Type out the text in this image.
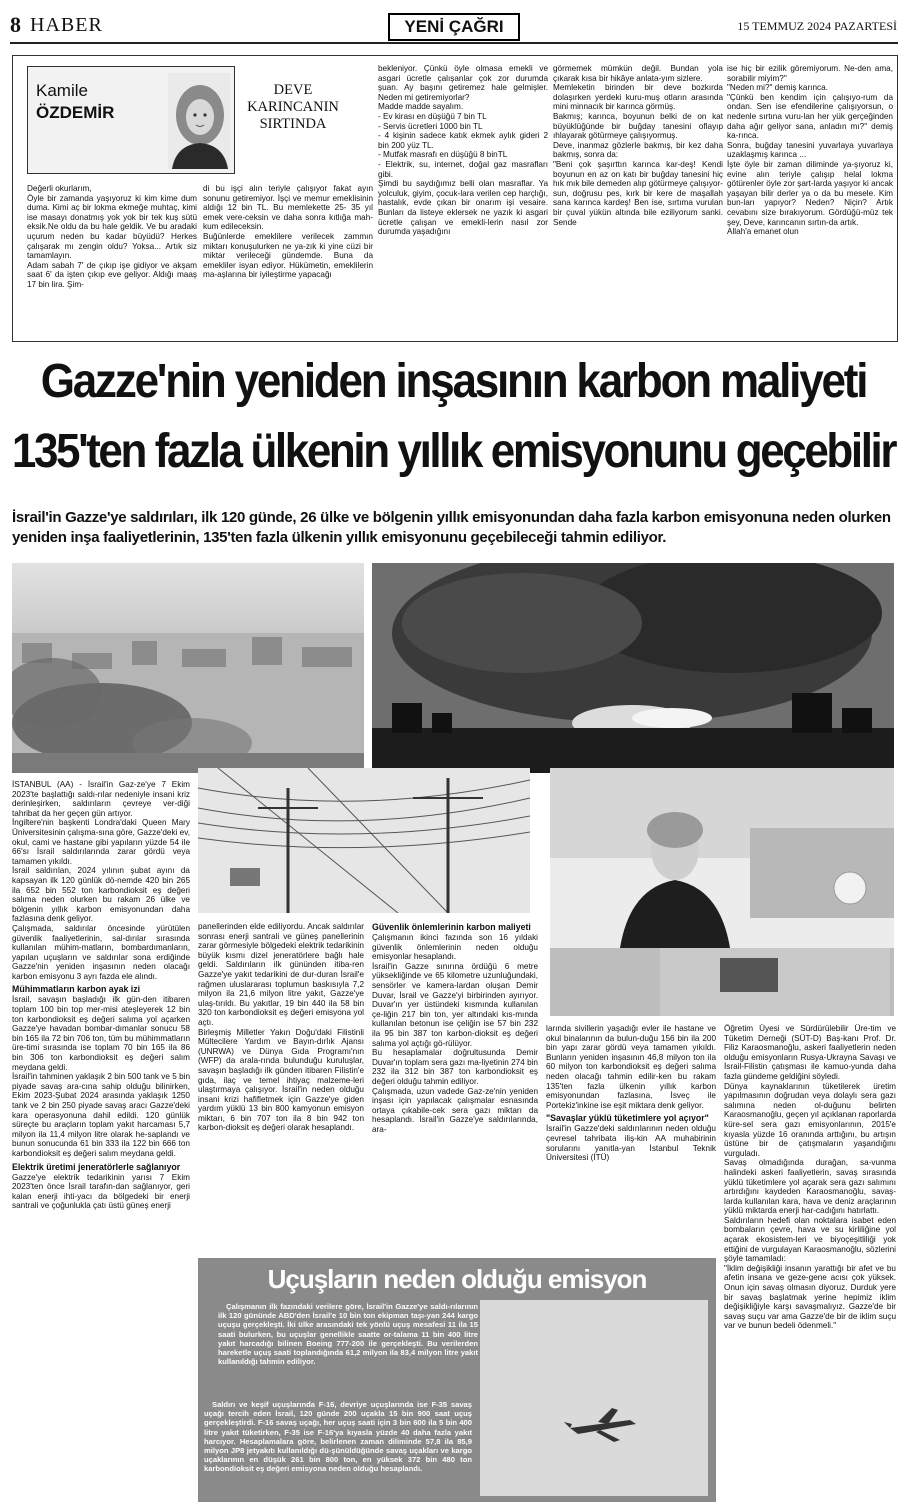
8 HABER	YENİ ÇAĞRI	15 TEMMUZ 2024 PAZARTESİ
Kamile
ÖZDEMİR
DEVE KARINCANIN SIRTINDA
Değerli okurlarım,
Öyle bir zamanda yaşıyoruz ki kim kime dum duma. Kimi aç bir lokma ekmeğe muhtaç, kimi ise masayı donatmış yok yok bir tek kuş sütü eksik.Ne oldu da bu hale geldik. Ve bu aradaki uçurum neden bu kadar büyüdü? Herkes çalışarak mı zengin oldu? Yoksa... Artık siz tamamlayın.
Adam sabah 7' de çıkıp işe gidiyor ve akşam saat 6' da işten çıkıp eve geliyor. Aldığı maaş 17 bin lira. Şim-
di bu işçi alın teriyle çalışıyor fakat ayın sonunu getiremiyor. İşçi ve memur emeklisinin aldığı 12 bin TL. Bu memlekette 25- 35 yıl emek vere-ceksin ve daha sonra kıtlığa mah-kum edileceksin.
Buğünlerde emeklilere verilecek zammın miktarı konuşulurken ne ya-zık ki yine cüzi bir miktar verileceği gündemde. Buna da emekliler isyan ediyor. Hükümetin, emeklilerin ma-aşlarına bir iyileştirme yapacağı
bekleniyor. Çünkü öyle olmasa emekli ve asgari ücretle çalışanlar çok zor durumda şuan. Ay başını getiremez hale gelmişler. Neden mi getiremiyorlar?
Madde madde sayalım.
- Ev kirası en düşüğü 7 bin TL
- Servis ücretleri 1000 bin TL
- 4 kişinin sadece katık ekmek aylık gideri 2 bin 200 yüz TL.
- Mutfak masrafı en düşüğü 8 binTL
- Elektrik, su, internet, doğal gaz masrafları gibi.
Şimdi bu saydığımız belli olan masraflar. Ya yolculuk, giyim, çocuk-lara verilen cep harçlığı, hastalık, evde çıkan bir onarım işi vesaire. Bunları da listeye eklersek ne yazık ki asgari ücretle çalışan ve emekli-lerin nasıl zor durumda yaşadığını
görmemek mümkün değil. Bundan yola çıkarak kısa bir hikâye anlata-yım sizlere.
Memleketin birinden bir deve bozkırda dolaşırken yerdeki kuru-muş otların arasında mini minnacık bir karınca görmüş.
Bakmış; karınca, boyunun belki de on kat büyüklüğünde bir buğday tanesini oflayıp ıhlayarak götürmeye çalışıyormuş.
Deve, inanmaz gözlerle bakmış, bir kez daha bakmış, sonra da:
"Beni çok şaşırttın karınca kar-deş! Kendi boyunun en az on katı bir buğday tanesini hiç hık mık bile demeden alıp götürmeye çalışıyor-sun, doğrusu pes, kırk bir kere de maşallah sana karınca kardeş! Ben ise, sırtıma vurulan bir çuval yükün altında bile eziliyorum sanki. Sende
ise hiç bir ezilik göremiyorum. Ne-den ama, sorabilir miyim?"
"Neden mi?" demiş karınca.
"Çünkü ben kendim için çalışıyo-rum da ondan. Sen ise efendilerine çalışıyorsun, o nedenle sırtına vuru-lan her yük gerçeğinden daha ağır geliyor sana, anladın mı?" demiş ka-rınca.
Sonra, buğday tanesini yuvarlaya yuvarlaya uzaklaşmış karınca ...
İşte öyle bir zaman diliminde ya-şıyoruz ki, evine alın teriyle çalışıp helal lokma götürenler öyle zor şart-larda yaşıyor ki ancak yaşayan bilir derler ya o da bu mesele. Kim bun-ları yapıyor? Neden? Niçin? Artık cevabını size bırakıyorum. Gördüğü-müz tek şey, Deve, karıncanın sırtın-da artık.
Allah'a emanet olun
Gazze'nin yeniden inşasının karbon maliyeti
135'ten fazla ülkenin yıllık emisyonunu geçebilir
İsrail'in Gazze'ye saldırıları, ilk 120 günde, 26 ülke ve bölgenin yıllık emisyonundan daha fazla karbon emisyonuna neden olurken yeniden inşa faaliyetlerinin, 135'ten fazla ülkenin yıllık emisyonunu geçebileceği tahmin ediliyor.
İSTANBUL (AA) - İsrail'in Gaz-ze'ye 7 Ekim 2023'te başlattığı saldı-rılar nedeniyle insani kriz derinleşirken, saldırıların çevreye ver-diği tahribat da her geçen gün artıyor.
İngiltere'nin başkenti Londra'daki Queen Mary Üniversitesinin çalışma-sına göre, Gazze'deki ev, okul, cami ve hastane gibi yapıların yüzde 54 ile 66'sı İsrail saldırılarında zarar gördü veya tamamen yıkıldı.
İsrail saldırılan, 2024 yılının şubat ayını da kapsayan ilk 120 günlük dö-nemde 420 bin 265 ila 652 bin 552 ton karbondioksit eş değeri salıma neden olurken bu rakam 26 ülke ve bölgenin yıllık karbon emisyonundan daha fazlasına denk geliyor.
Çalışmada, saldırılar öncesinde yürütülen güvenlik faaliyetlerinin, sal-dırılar sırasında kullanılan mühim-matların, bombardımanların, yapılan uçuşların ve saldırılar sona erdiğinde Gazze'nin yeniden inşasının neden olacağı karbon emisyonu 3 ayrı fazda ele alındı.
Mühimmatların karbon ayak izi
İsrail, savaşın başladığı ilk gün-den itibaren toplam 100 bin top mer-misi ateşleyerek 12 bin ton karbondioksit eş değeri salıma yol açarken Gazze'ye havadan bombar-dımanlar sonucu 58 bin 165 ila 72 bin 706 ton, tüm bu mühimmatların üre-timi sırasında ise toplam 70 bin 165 ila 86 bin 306 ton karbondioksit eş değeri salım meydana geldi.
İsrail'in tahminen yaklaşık 2 bin 500 tank ve 5 bin piyade savaş ara-cına sahip olduğu bilinirken, Ekim 2023-Şubat 2024 arasında yaklaşık 1250 tank ve 2 bin 250 piyade savaş aracı Gazze'deki kara operasyonuna dahil edildi. 120 günlük süreçte bu araçların toplam yakıt harcaması 5,7 milyon ila 11,4 milyon litre olarak he-saplandı ve bunun sonucunda 61 bin 333 ila 122 bin 666 ton karbondioksit eş değeri salım meydana geldi.
Elektrik üretimi jeneratörlerle sağlanıyor
Gazze'ye elektrik tedarikinin yarısı 7 Ekim 2023'ten önce İsrail tarafın-dan sağlanıyor, geri kalan enerji ihti-yacı da bölgedeki bir enerji santrali ve çoğunlukla çatı üstü güneş enerji
panellerinden elde ediliyordu. Ancak saldırılar sonrası enerji santrali ve güneş panellerinin zarar görmesiyle bölgedeki elektrik tedarikinin büyük kısmı dizel jeneratörlere bağlı hale geldi. Saldırıların ilk gününden itiba-ren Gazze'ye yakıt tedarikini de dur-duran İsrail'e rağmen uluslararası toplumun baskısıyla 7,2 milyon ila 21,6 milyon litre yakıt, Gazze'ye ulaş-tırıldı. Bu yakıtlar, 19 bin 440 ila 58 bin 320 ton karbondioksit eş değeri emisyona yol açtı.
Birleşmiş Milletler Yakın Doğu'daki Filistinli Mültecilere Yardım ve Bayın-dırlık Ajansı (UNRWA) ve Dünya Gıda Programı'nın (WFP) da arala-rında bulunduğu kuruluşlar, savaşın başladığı ilk günden itibaren Filistin'e gıda, ilaç ve temel ihtiyaç malzeme-leri ulaştırmaya çalışıyor. İsrail'in neden olduğu insani krizi hafifletmek için Gazze'ye giden yardım yüklü 13 bin 800 kamyonun emisyon miktarı, 6 bin 707 ton ila 8 bin 942 ton karbon-dioksit eş değeri olarak hesaplandı.
Güvenlik önlemlerinin karbon maliyeti
Çalışmanın ikinci fazında son 16 yıldaki güvenlik önlemlerinin neden olduğu emisyonlar hesaplandı.
İsrail'in Gazze sınırına ördüğü 6 metre yüksekliğinde ve 65 kilometre uzunluğundaki, sensörler ve kamera-lardan oluşan Demir Duvar, İsrail ve Gazze'yi birbirinden ayırıyor. Duvar'ın yer üstündeki kısmında kullanılan çe-liğin 217 bin ton, yer altındaki kıs-mında kullanılan betonun ise çeliğin ise 57 bin 232 ila 95 bin 387 ton karbon-dioksit eş değeri salıma yol açtığı gö-rülüyor.
Bu hesaplamalar doğrultusunda Demir Duvar'ın toplam sera gazı ma-liyetinin 274 bin 232 ila 312 bin 387 ton karbondioksit eş değeri olduğu tahmin ediliyor.
Çalışmada, uzun vadede Gaz-ze'nin yeniden inşası için yapılacak çalışmalar esnasında ortaya çıkabile-cek sera gazı miktarı da hesaplandı. İsrail'in Gazze'ye saldırılarında, ara-
larında sivillerin yaşadığı evler ile hastane ve okul binalarının da bulun-duğu 156 bin ila 200 bin yapı zarar gördü veya tamamen yıkıldı. Bunların yeniden inşasının 46,8 milyon ton ila 60 milyon ton karbondioksit eş değeri salıma neden olacağı tahmin edilir-ken bu rakam 135'ten fazla ülkenin yıllık karbon emisyonundan fazlasına, İsveç ile Portekiz'inkine ise eşit miktara denk geliyor.
"Savaşlar yüklü tüketimlere yol açıyor"
İsrail'in Gazze'deki saldırılarının neden olduğu çevresel tahribata iliş-kin AA muhabirinin sorularını yanıtla-yan İstanbul Teknik Üniversitesi (İTÜ)
Öğretim Üyesi ve Sürdürülebilir Üre-tim ve Tüketim Derneği (SÜT-D) Baş-kanı Prof. Dr. Filiz Karaosmanoğlu, askeri faaliyetlerin neden olduğu emisyonların Rusya-Ukrayna Savaşı ve İsrail-Filistin çatışması ile kamuo-yunda daha fazla gündeme geldiğini söyledi.
Dünya kaynaklarının tüketilerek üretim yapılmasının doğrudan veya dolaylı sera gazı salımına neden ol-duğunu belirten Karaosmanoğlu, geçen yıl açıklanan raporlarda küre-sel sera gazı emisyonlarının, 2015'e kıyasla yüzde 16 oranında arttığını, bu artışın üstüne bir de çatışmaların yaşandığını vurguladı.
Savaş olmadığında durağan, sa-vunma halindeki askeri faaliyetlerin, savaş sırasında yüklü tüketimlere yol açarak sera gazı salımını artırdığını kaydeden Karaosmanoğlu, savaş-larda kullanılan kara, hava ve deniz araçlarının yüklü miktarda enerji har-cadığını hatırlattı.
Saldırıların hedefi olan noktalara isabet eden bombaların çevre, hava ve su kirliliğine yol açarak ekosistem-leri ve biyoçeşitliliği yok ettiğini de vurgulayan Karaosmanoğlu, sözlerini şöyle tamamladı:
"İklim değişikliği insanın yarattığı bir afet ve bu afetin insana ve geze-gene acısı çok yüksek. Onun için savaş olmasın diyoruz. Durduk yere bir savaş başlatmak yerine hepimiz iklim değişikliğiyle karşı savaşmalıyız. Gazze'de bir savaş suçu var ama Gazze'de bir de iklim suçu var ve bunun bedeli ödenmeli."
Uçuşların neden olduğu emisyon
Çalışmanın ilk fazındaki verilere göre, İsrail'in Gazze'ye saldı-rılarının ilk 120 gününde ABD'den İsrail'e 10 bin ton ekipman taşı-yan 244 kargo uçuşu gerçekleşti. İki ülke arasındaki tek yönlü uçuş mesafesi 11 ila 15 saati bulurken, bu uçuşlar genellikle saatte or-talama 11 bin 400 litre yakıt harcadığı bilinen Boeing 777-200 ile gerçekleşti. Bu verilerden hareketle uçuş saati toplandığında 61,2 milyon ila 83,4 milyon litre yakıt kullanıldığı tahmin ediliyor.
Saldırı ve keşif uçuşlarında F-16, devriye uçuşlarında ise F-35 savaş uçağı tercih eden İsrail, 120 günde 200 uçakla 15 bin 900 saat uçuş gerçekleştirdi. F-16 savaş uçağı, her uçuş saati için 3 bin 600 ila 5 bin 400 litre yakıt tüketirken, F-35 ise F-16'ya kıyasla yüzde 40 daha fazla yakıt harcıyor. Hesaplamalara göre, belirlenen zaman diliminde 57,8 ila 85,9 milyon JP8 jetyakıtı kullanıldığı dü-şünüldüğünde savaş uçakları ve kargo uçaklarının en düşük 261 bin 800 ton, en yüksek 372 bin 480 ton karbondioksit eş değeri emisyona neden olduğu hesaplandı.
